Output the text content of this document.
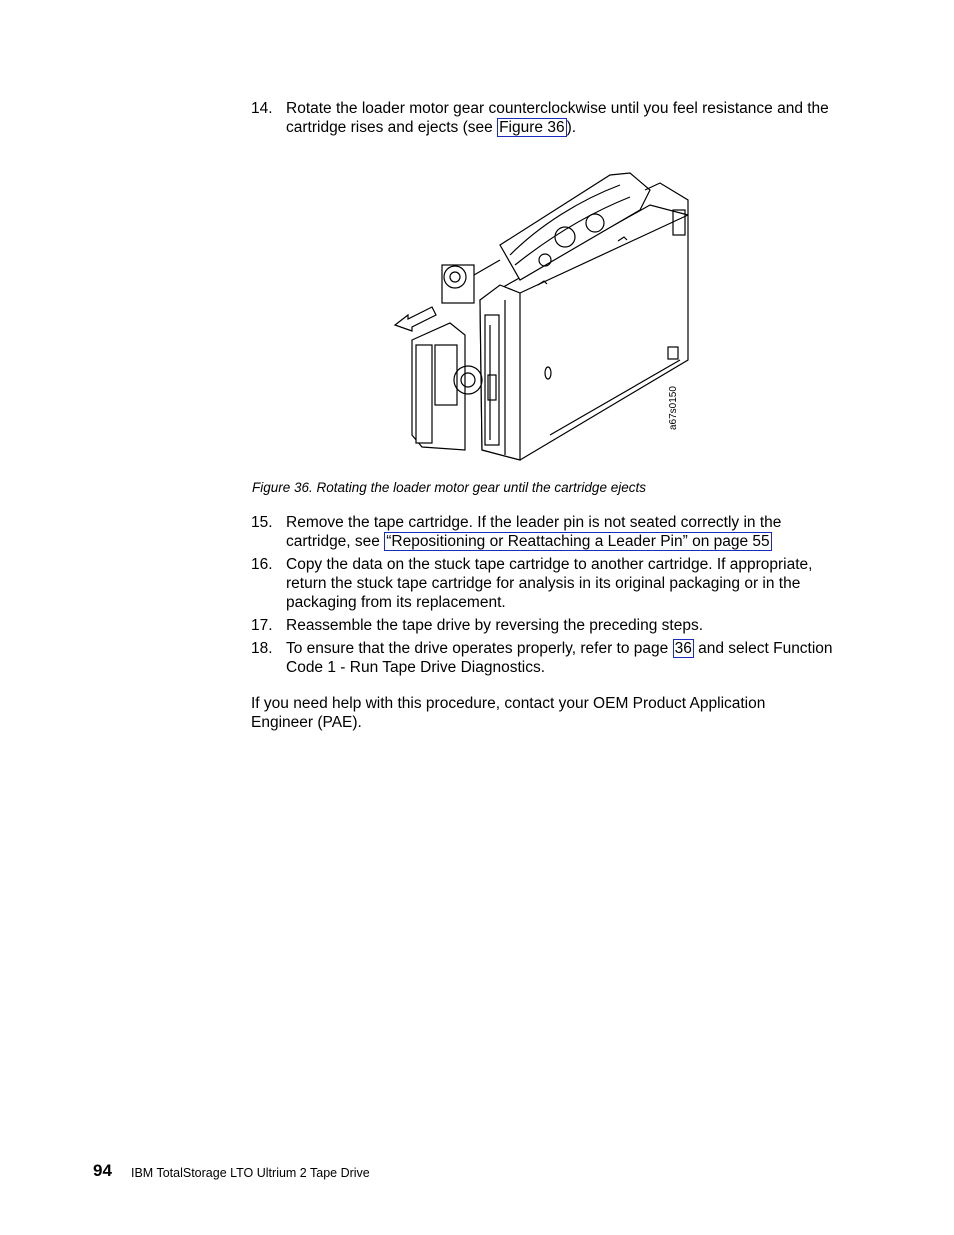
14. Rotate the loader motor gear counterclockwise until you feel resistance and the cartridge rises and ejects (see Figure 36 ).
a67s0150
Figure 36. Rotating the loader motor gear until the cartridge ejects
15. Remove the tape cartridge. If the leader pin is not seated correctly in the cartridge, see “Repositioning or Reattaching a Leader Pin” on page 55
16. Copy the data on the stuck tape cartridge to another cartridge. If appropriate, return the stuck tape cartridge for analysis in its original packaging or in the packaging from its replacement.
17. Reassemble the tape drive by reversing the preceding steps.
18. To ensure that the drive operates properly, refer to page 36 and select Function Code 1 - Run Tape Drive Diagnostics.
If you need help with this procedure, contact your OEM Product Application Engineer (PAE).
94 IBM TotalStorage LTO Ultrium 2 Tape Drive
